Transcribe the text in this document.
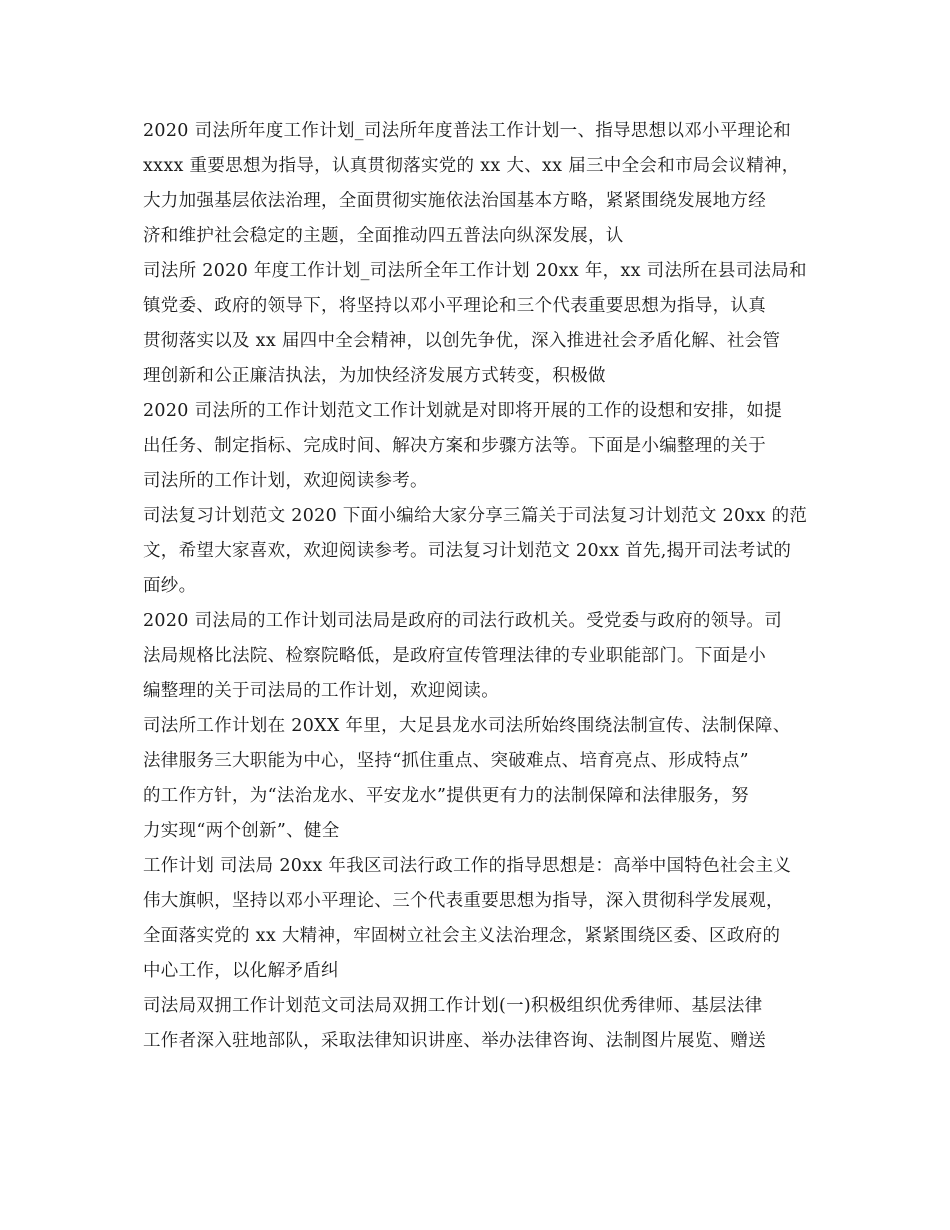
2020 司法所年度工作计划_司法所年度普法工作计划一、指导思想以邓小平理论和
xxxx 重要思想为指导，认真贯彻落实党的 xx 大、xx 届三中全会和市局会议精神，
大力加强基层依法治理，全面贯彻实施依法治国基本方略，紧紧围绕发展地方经
济和维护社会稳定的主题，全面推动四五普法向纵深发展，认
司法所 2020 年度工作计划_司法所全年工作计划 20xx 年，xx 司法所在县司法局和
镇党委、政府的领导下，将坚持以邓小平理论和三个代表重要思想为指导，认真
贯彻落实以及 xx 届四中全会精神，以创先争优，深入推进社会矛盾化解、社会管
理创新和公正廉洁执法，为加快经济发展方式转变，积极做
2020 司法所的工作计划范文工作计划就是对即将开展的工作的设想和安排，如提
出任务、制定指标、完成时间、解决方案和步骤方法等。下面是小编整理的关于
司法所的工作计划，欢迎阅读参考。
司法复习计划范文 2020 下面小编给大家分享三篇关于司法复习计划范文 20xx 的范
文，希望大家喜欢，欢迎阅读参考。司法复习计划范文 20xx 首先,揭开司法考试的
面纱。
2020 司法局的工作计划司法局是政府的司法行政机关。受党委与政府的领导。司
法局规格比法院、检察院略低，是政府宣传管理法律的专业职能部门。下面是小
编整理的关于司法局的工作计划，欢迎阅读。
司法所工作计划在 20XX 年里，大足县龙水司法所始终围绕法制宣传、法制保障、
法律服务三大职能为中心，坚持“抓住重点、突破难点、培育亮点、形成特点”
的工作方针，为“法治龙水、平安龙水”提供更有力的法制保障和法律服务，努
力实现“两个创新”、健全
工作计划 司法局 20xx 年我区司法行政工作的指导思想是：高举中国特色社会主义
伟大旗帜，坚持以邓小平理论、三个代表重要思想为指导，深入贯彻科学发展观，
全面落实党的 xx 大精神，牢固树立社会主义法治理念，紧紧围绕区委、区政府的
中心工作，以化解矛盾纠
司法局双拥工作计划范文司法局双拥工作计划(一)积极组织优秀律师、基层法律
工作者深入驻地部队，采取法律知识讲座、举办法律咨询、法制图片展览、赠送
